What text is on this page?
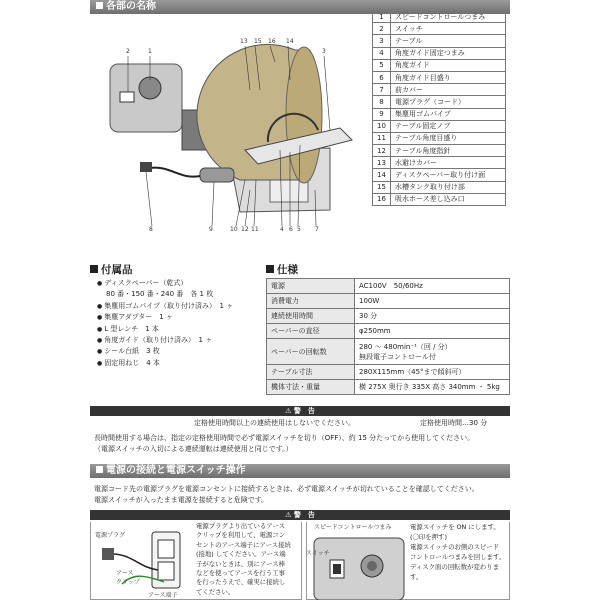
各部の名称
2	1
13 15 16 14
3
8	9	10 12 11	4 6 5 7
1	スピードコントロールつまみ
2	スイッチ
3	テーブル
4	角度ガイド固定つまみ
5	角度ガイド
6	角度ガイド目盛り
7	前カバー
8	電源プラグ（コード）
9	集塵用ゴムパイプ
10	テーブル固定ノブ
11	テーブル角度目盛り
12	テーブル角度指針
13	水避けカバー
14	ディスクペーパー取り付け面
15	水槽タンク取り付け部
16	吸水ホース差し込み口
付属品
● ディスクペーパー（乾式）
80 番・150 番・240 番　各 1 枚
● 集塵用ゴムパイプ（取り付け済み）　1 ヶ
● 集塵アダプター　1 ヶ
● L 型レンチ　1 本
● 角度ガイド（取り付け済み）　1 ヶ
● シール台紙　3 枚
● 固定用ねじ　4 本
仕様
電源	AC100V　50/60Hz
消費電力	100W
連続使用時間	30 分
ペーパーの直径	φ250mm
ペーパーの回転数	280 ～ 480min⁻¹（回 / 分）
無段電子コントロール付
テーブル寸法	280X115mm（45°まで傾斜可）
機体寸法・重量	横 275X 奥行き 335X 高さ 340mm ・ 5kg
⚠ 警　告
定格使用時間以上の連続使用はしないでください。	定格使用時間…30 分
長時間使用する場合は、指定の定格使用時間で必ず電源スイッチを切り（OFF）、約 15 分たってから使用してください。
（電源スイッチの入切による連続運転は連続使用と同じです。）
電源の接続と電源スイッチ操作
電源コード先の電源プラグを電源コンセントに接続するときは、必ず電源スイッチが切れていることを確認してください。
電源スイッチが入ったまま電源を接続すると危険です。
⚠ 警　告
電源プラグ
アース
クリップ
アース端子
電源プラグより出ているアース
クリップを利用して、電源コン
セントのアース端子にアース接続
(接地) してください。アース端
子がないときは、別にアース棒
などを使ってアースを行う工事
を行ったうえで、確実に接続し
てください。
スピードコントロールつまみ
スイッチ
電源スイッチを ON にします。
(〇印を押す)
電源スイッチのお側のスピード
コントロールつまみを回します。
ディスク面の回転数が変わりま
す。
